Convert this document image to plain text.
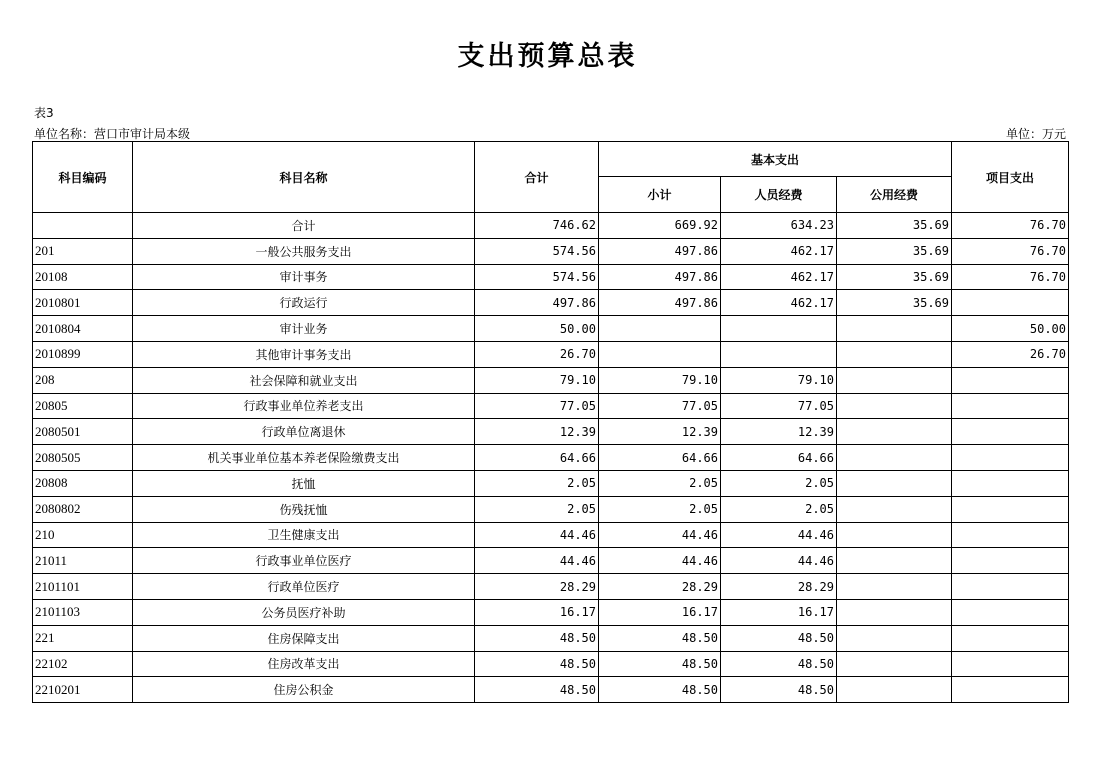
支出预算总表
表3
单位名称：营口市审计局本级	单位：万元
科目编码	科目名称	合计	基本支出			项目支出
			小计	人员经费	公用经费	
	合计	746.62	669.92	634.23	35.69	76.70
201	一般公共服务支出	574.56	497.86	462.17	35.69	76.70
20108	审计事务	574.56	497.86	462.17	35.69	76.70
2010801	行政运行	497.86	497.86	462.17	35.69	
2010804	审计业务	50.00				50.00
2010899	其他审计事务支出	26.70				26.70
208	社会保障和就业支出	79.10	79.10	79.10		
20805	行政事业单位养老支出	77.05	77.05	77.05		
2080501	行政单位离退休	12.39	12.39	12.39		
2080505	机关事业单位基本养老保险缴费支出	64.66	64.66	64.66		
20808	抚恤	2.05	2.05	2.05		
2080802	伤残抚恤	2.05	2.05	2.05		
210	卫生健康支出	44.46	44.46	44.46		
21011	行政事业单位医疗	44.46	44.46	44.46		
2101101	行政单位医疗	28.29	28.29	28.29		
2101103	公务员医疗补助	16.17	16.17	16.17		
221	住房保障支出	48.50	48.50	48.50		
22102	住房改革支出	48.50	48.50	48.50		
2210201	住房公积金	48.50	48.50	48.50		
